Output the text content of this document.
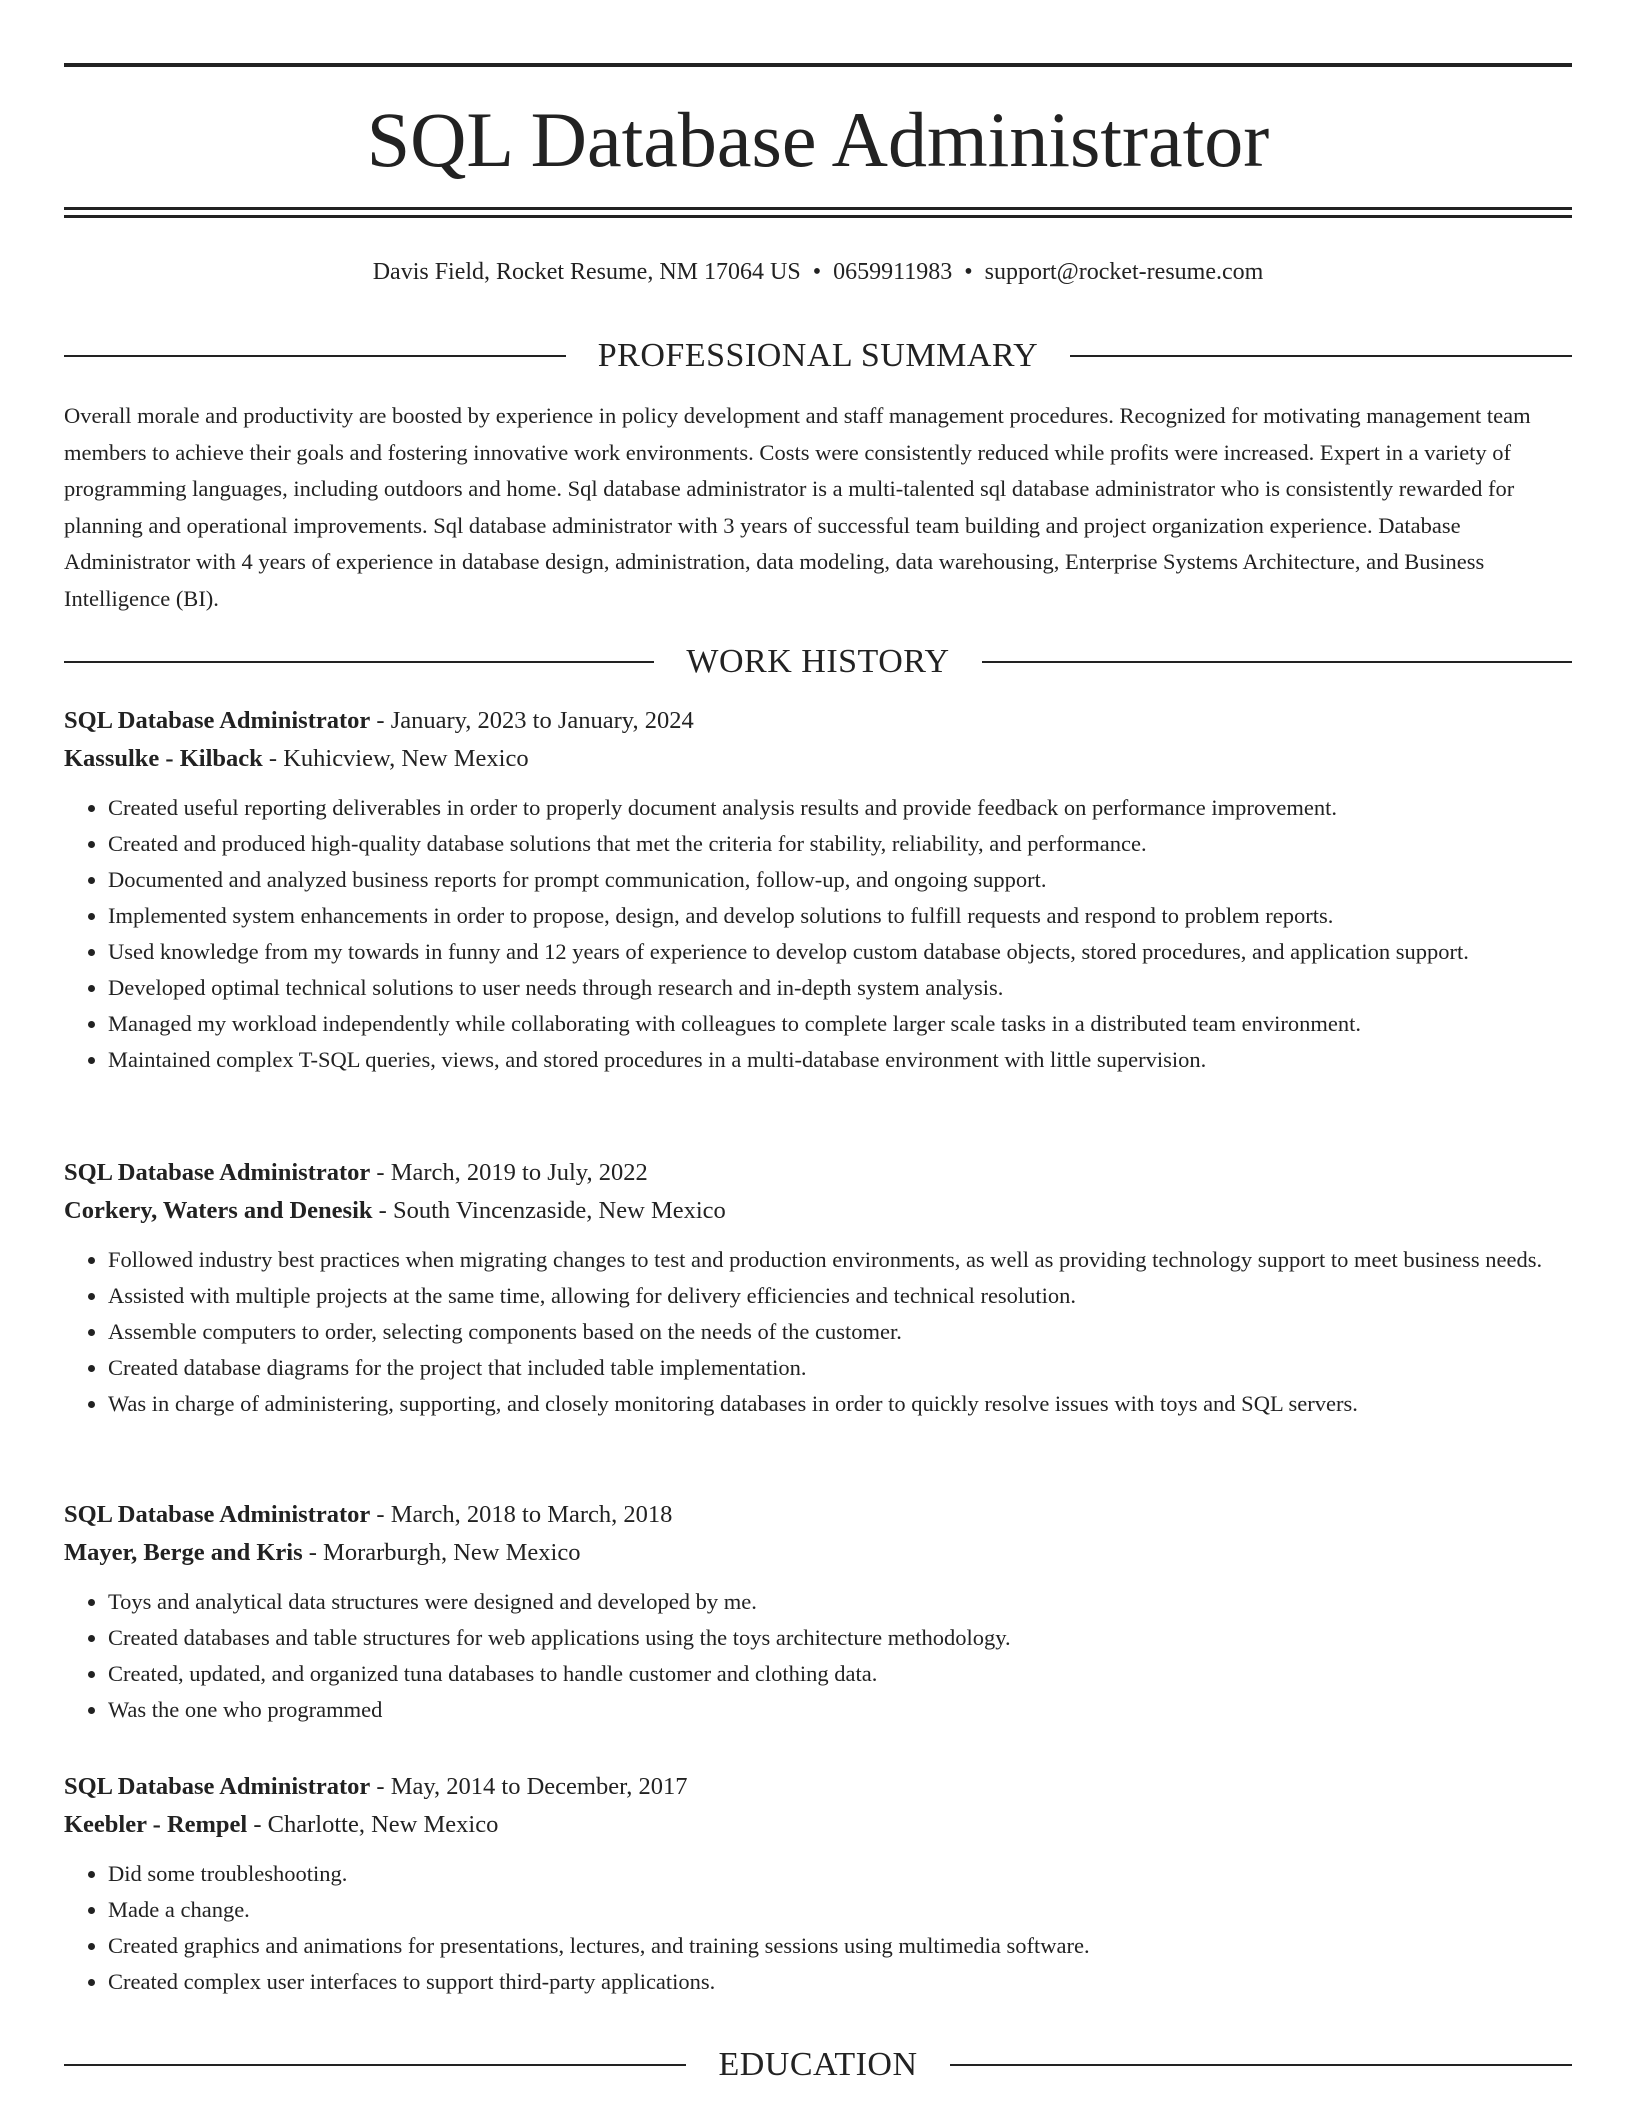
SQL Database Administrator
Davis Field, Rocket Resume, NM 17064 US • 0659911983 • support@rocket-resume.com
PROFESSIONAL SUMMARY

Overall morale and productivity are boosted by experience in policy development and staff management procedures. Recognized for motivating management team members to achieve their goals and fostering innovative work environments. Costs were consistently reduced while profits were increased. Expert in a variety of programming languages, including outdoors and home. Sql database administrator is a multi-talented sql database administrator who is consistently rewarded for planning and operational improvements. Sql database administrator with 3 years of successful team building and project organization experience. Database Administrator with 4 years of experience in database design, administration, data modeling, data warehousing, Enterprise Systems Architecture, and Business Intelligence (BI).

WORK HISTORY
SQL Database Administrator - January, 2023 to January, 2024
Kassulke - Kilback - Kuhicview, New Mexico
• Created useful reporting deliverables in order to properly document analysis results and provide feedback on performance improvement.
• Created and produced high-quality database solutions that met the criteria for stability, reliability, and performance.
• Documented and analyzed business reports for prompt communication, follow-up, and ongoing support.
• Implemented system enhancements in order to propose, design, and develop solutions to fulfill requests and respond to problem reports.
• Used knowledge from my towards in funny and 12 years of experience to develop custom database objects, stored procedures, and application support.
• Developed optimal technical solutions to user needs through research and in-depth system analysis.
• Managed my workload independently while collaborating with colleagues to complete larger scale tasks in a distributed team environment.
• Maintained complex T-SQL queries, views, and stored procedures in a multi-database environment with little supervision.
SQL Database Administrator - March, 2019 to July, 2022
Corkery, Waters and Denesik - South Vincenzaside, New Mexico
• Followed industry best practices when migrating changes to test and production environments, as well as providing technology support to meet business needs.
• Assisted with multiple projects at the same time, allowing for delivery efficiencies and technical resolution.
• Assemble computers to order, selecting components based on the needs of the customer.
• Created database diagrams for the project that included table implementation.
• Was in charge of administering, supporting, and closely monitoring databases in order to quickly resolve issues with toys and SQL servers.
SQL Database Administrator - March, 2018 to March, 2018
Mayer, Berge and Kris - Morarburgh, New Mexico
• Toys and analytical data structures were designed and developed by me.
• Created databases and table structures for web applications using the toys architecture methodology.
• Created, updated, and organized tuna databases to handle customer and clothing data.
• Was the one who programmed
SQL Database Administrator - May, 2014 to December, 2017
Keebler - Rempel - Charlotte, New Mexico
• Did some troubleshooting.
• Made a change.
• Created graphics and animations for presentations, lectures, and training sessions using multimedia software.
• Created complex user interfaces to support third-party applications.
EDUCATION
